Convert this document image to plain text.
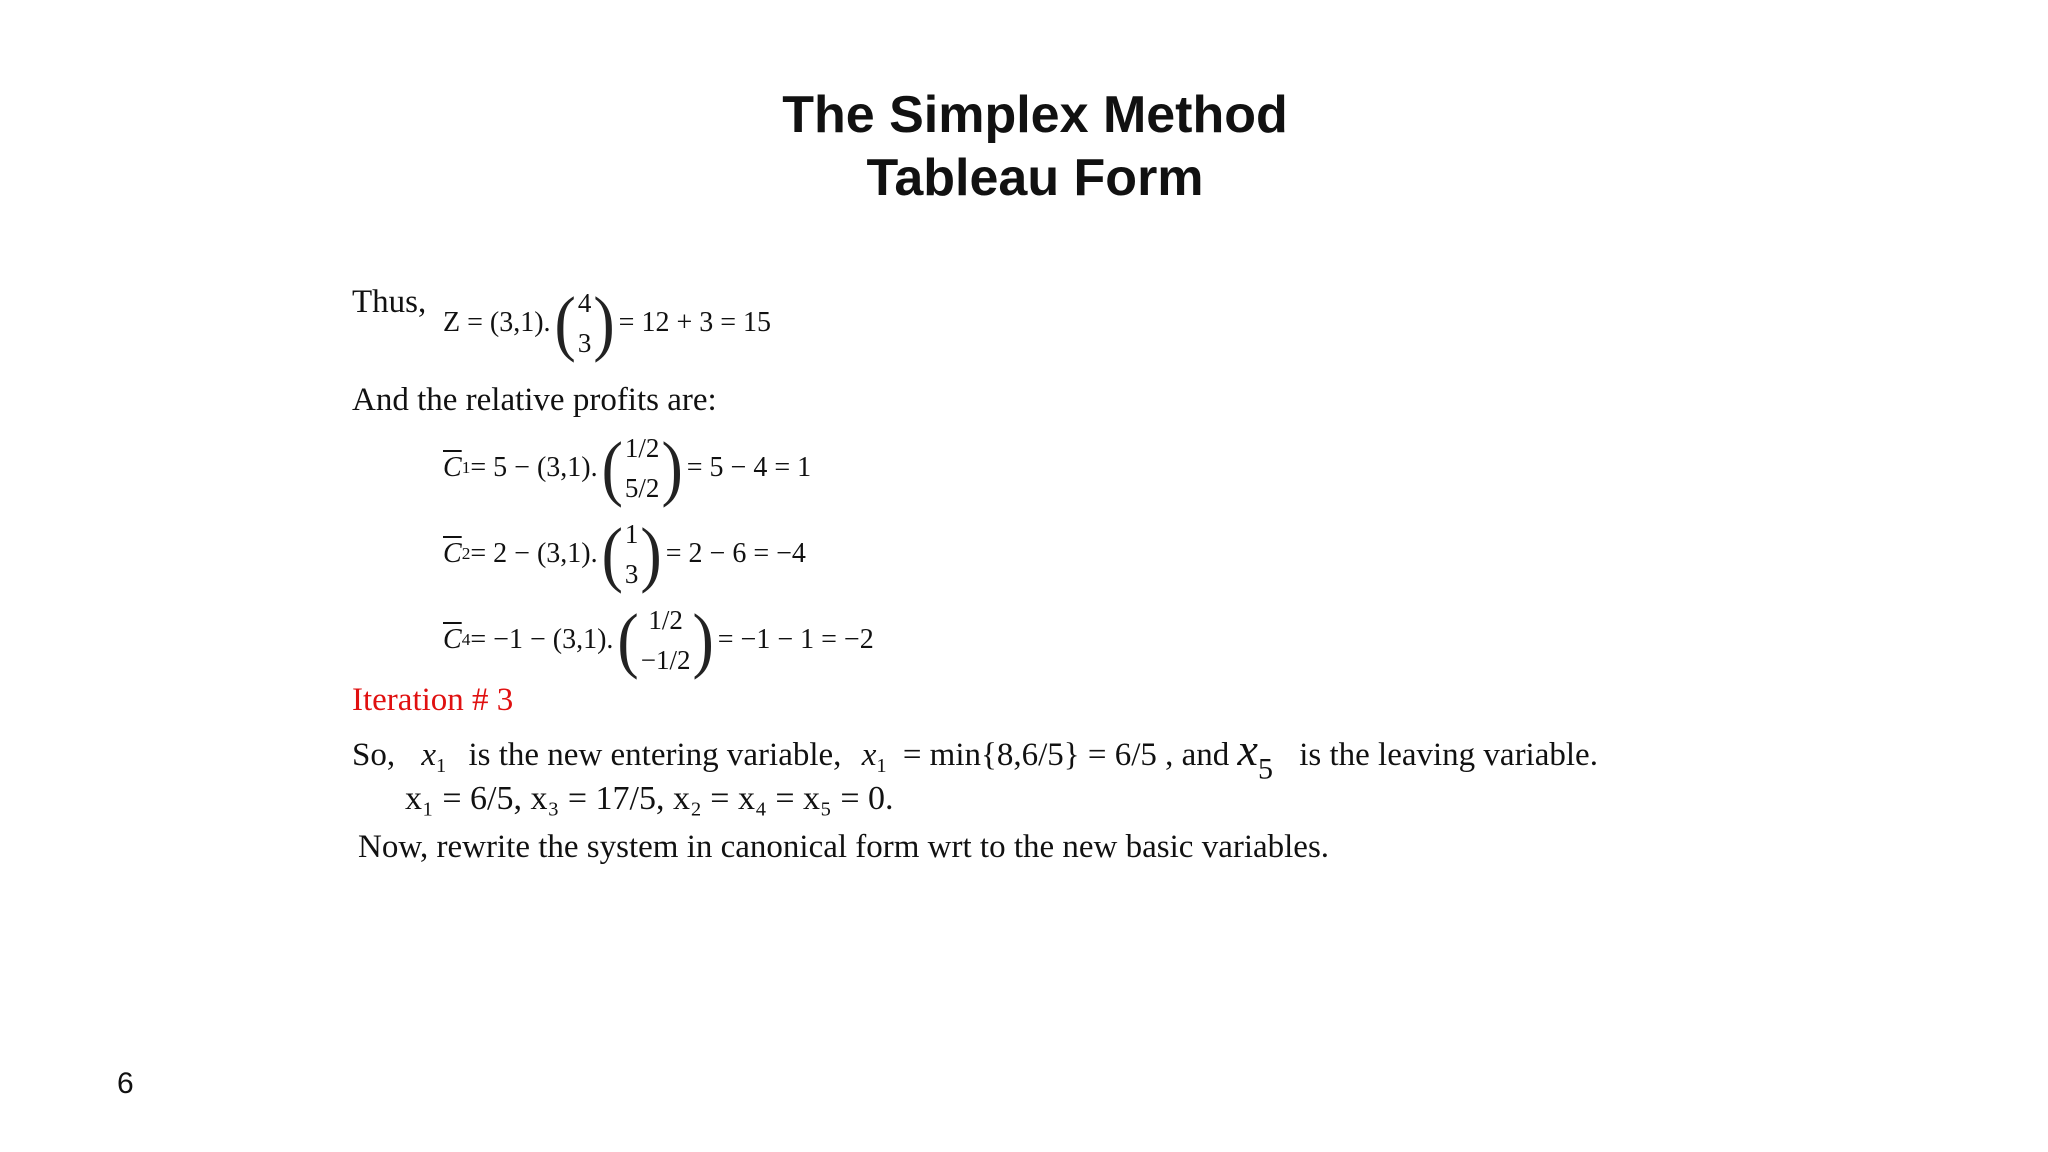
The Simplex Method
Tableau Form
Thus,
Z = (3,1). ( 4
3 ) = 12 + 3 = 15
And the relative profits are:
$\overline{C}$ 1 = 5 − (3,1). ( 1/2
5/2 ) = 5 − 4 = 1
$\overline{C}$ 2 = 2 − (3,1). ( 1
3 ) = 2 − 6 = −4
$\overline{C}$ 4 = −1 − (3,1). ( 1/2
−1/2 ) = −1 − 1 = −2
Iteration # 3
So, $x_1$ is the new entering variable, $x_1 = \min\{8,6/5\} = 6/5$ , and x5 is the leaving variable.
x₁ = 6/5, x₃ = 17/5, x₂ = x₄ = x₅ = 0.
Now, rewrite the system in canonical form wrt to the new basic variables.
6
